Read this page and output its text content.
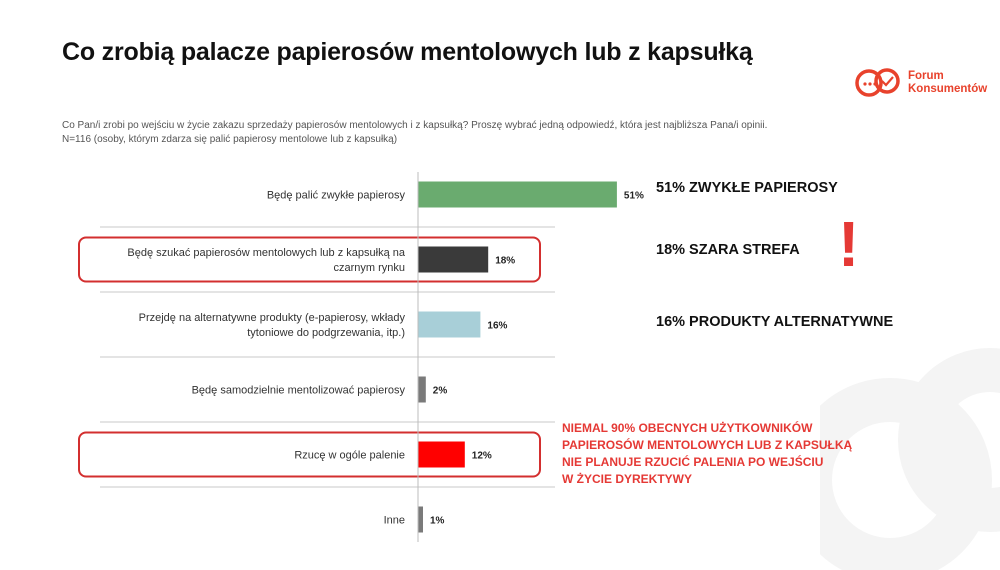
Co zrobią palacze papierosów mentolowych lub z kapsułką
Forum
Konsumentów
Co Pan/i zrobi po wejściu w życie zakazu sprzedaży papierosów mentolowych i z kapsułką? Proszę wybrać jedną odpowiedź, która jest najbliższa Pana/i opinii.
N=116 (osoby, którym zdarza się palić papierosy mentolowe lub z kapsułką)
Będę palić zwykłe papierosy	51%
Będę szukać papierosów mentolowych lub z kapsułką na
czarnym rynku
18%
Przejdę na alternatywne produkty (e-papierosy, wkłady
tytoniowe do podgrzewania, itp.)
16%
Będę samodzielnie mentolizować papierosy	2%
Rzucę w ogóle palenie	12%
Inne	1%
51% ZWYKŁE PAPIEROSY
18% SZARA STREFA
16% PRODUKTY ALTERNATYWNE
!
NIEMAL 90% OBECNYCH UŻYTKOWNIKÓW
PAPIEROSÓW MENTOLOWYCH LUB Z KAPSUŁKĄ
NIE PLANUJE RZUCIĆ PALENIA PO WEJŚCIU
W ŻYCIE DYREKTYWY
